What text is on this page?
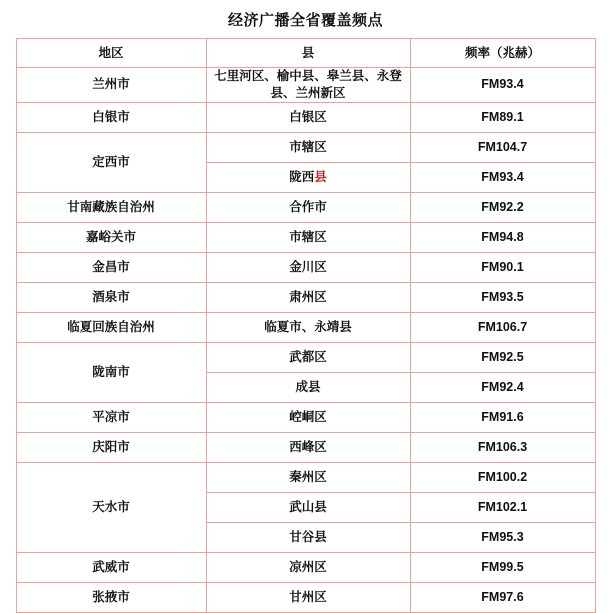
经济广播全省覆盖频点
地区	县	频率（兆赫）
兰州市	七里河区、榆中县、皋兰县、永登县、兰州新区	FM93.4
白银市	白银区	FM89.1
定西市	市辖区	FM104.7

	陇西县	FM93.4
甘南藏族自治州	合作市	FM92.2
嘉峪关市	市辖区	FM94.8
金昌市	金川区	FM90.1
酒泉市	肃州区	FM93.5
临夏回族自治州	临夏市、永靖县	FM106.7
陇南市	武都区	FM92.5

	成县	FM92.4
平凉市	崆峒区	FM91.6
庆阳市	西峰区	FM106.3
天水市	秦州区	FM100.2

	武山县	FM102.1

	甘谷县	FM95.3
武威市	凉州区	FM99.5
张掖市	甘州区	FM97.6
